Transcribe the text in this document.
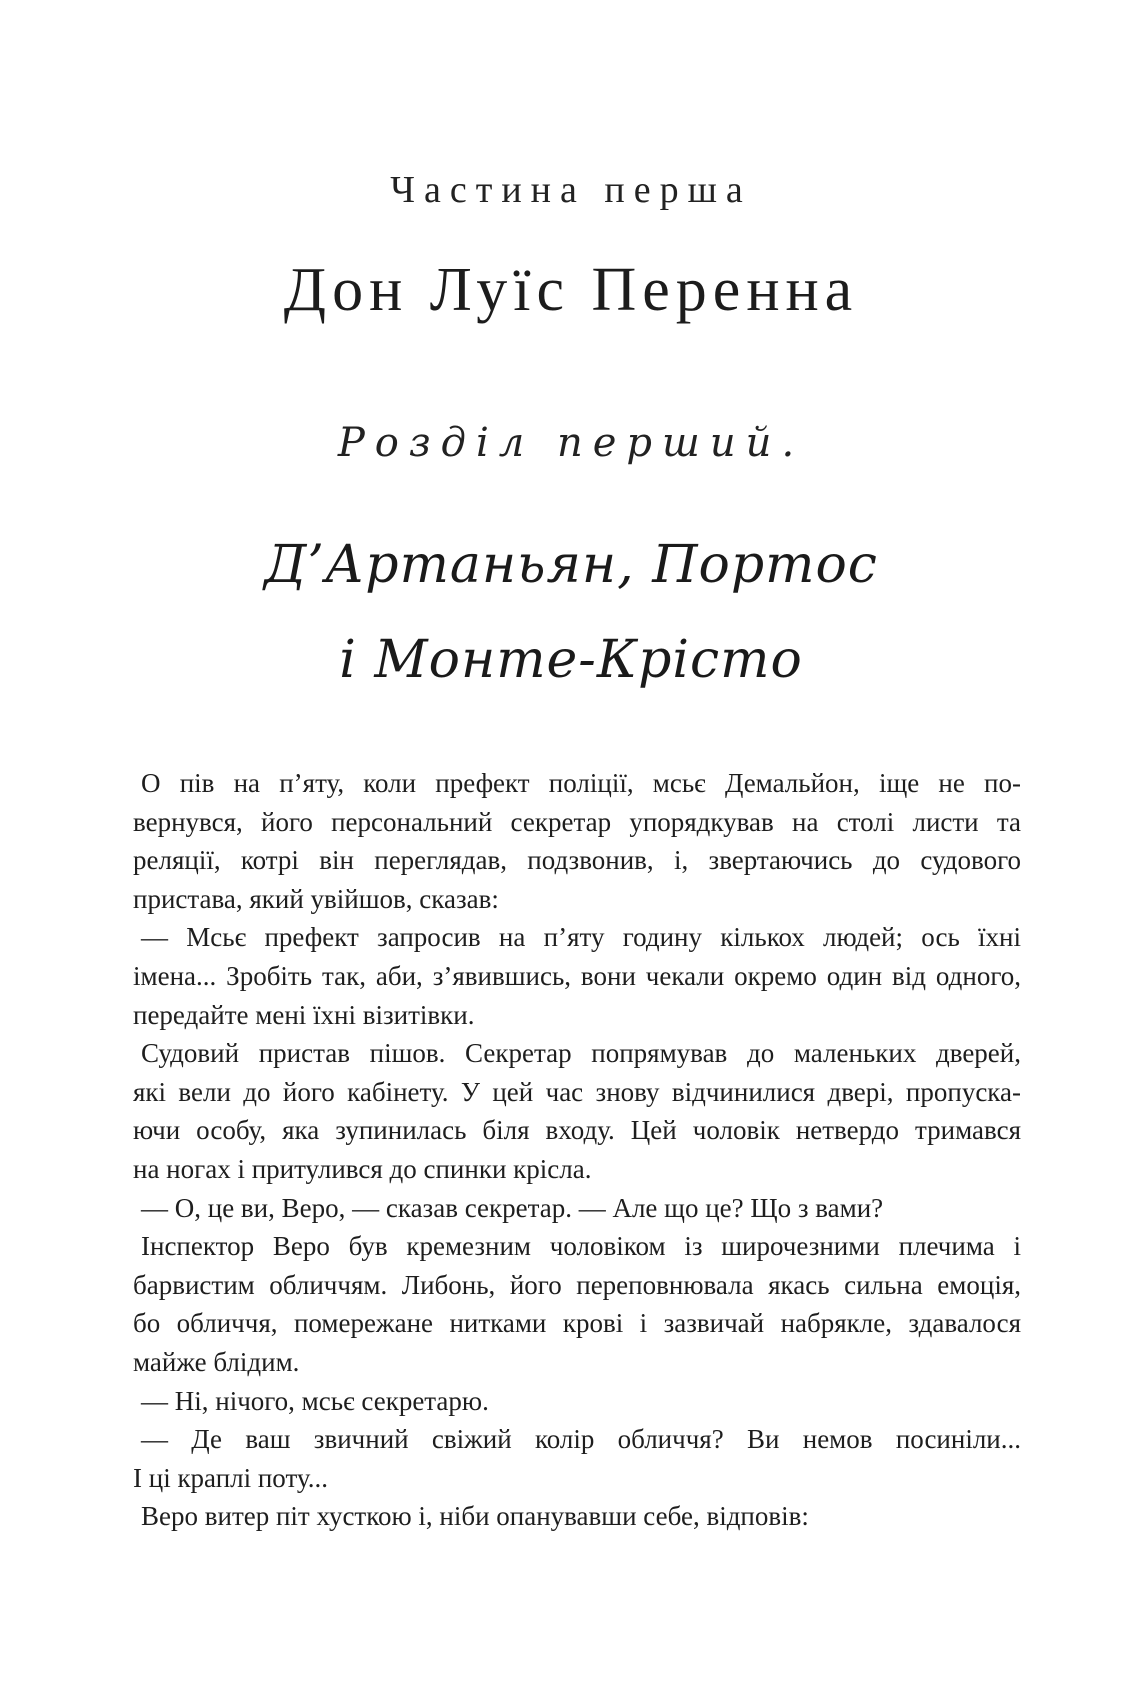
Частина перша
Дон Луїс Перенна
Розділ перший.
Д’Артаньян, Портос
і Монте-Крісто
О пів на п’яту, коли префект поліції, мсьє Демальйон, іще не по-
вернувся, його персональний секретар упорядкував на столі листи та
реляції, котрі він переглядав, подзвонив, і, звертаючись до судового
пристава, який увійшов, сказав:
— Мсьє префект запросив на п’яту годину кількох людей; ось їхні
імена... Зробіть так, аби, з’явившись, вони чекали окремо один від одного,
передайте мені їхні візитівки.
Судовий пристав пішов. Секретар попрямував до маленьких дверей,
які вели до його кабінету. У цей час знову відчинилися двері, пропуска-
ючи особу, яка зупинилась біля входу. Цей чоловік нетвердо тримався
на ногах і притулився до спинки крісла.
— О, це ви, Веро, — сказав секретар. — Але що це? Що з вами?
Інспектор Веро був кремезним чоловіком із широчезними плечима і
барвистим обличчям. Либонь, його переповнювала якась сильна емоція,
бо обличчя, помережане нитками крові і зазвичай набрякле, здавалося
майже блідим.
— Ні, нічого, мсьє секретарю.
— Де ваш звичний свіжий колір обличчя? Ви немов посиніли...
І ці краплі поту...
Веро витер піт хусткою і, ніби опанувавши себе, відповів:
